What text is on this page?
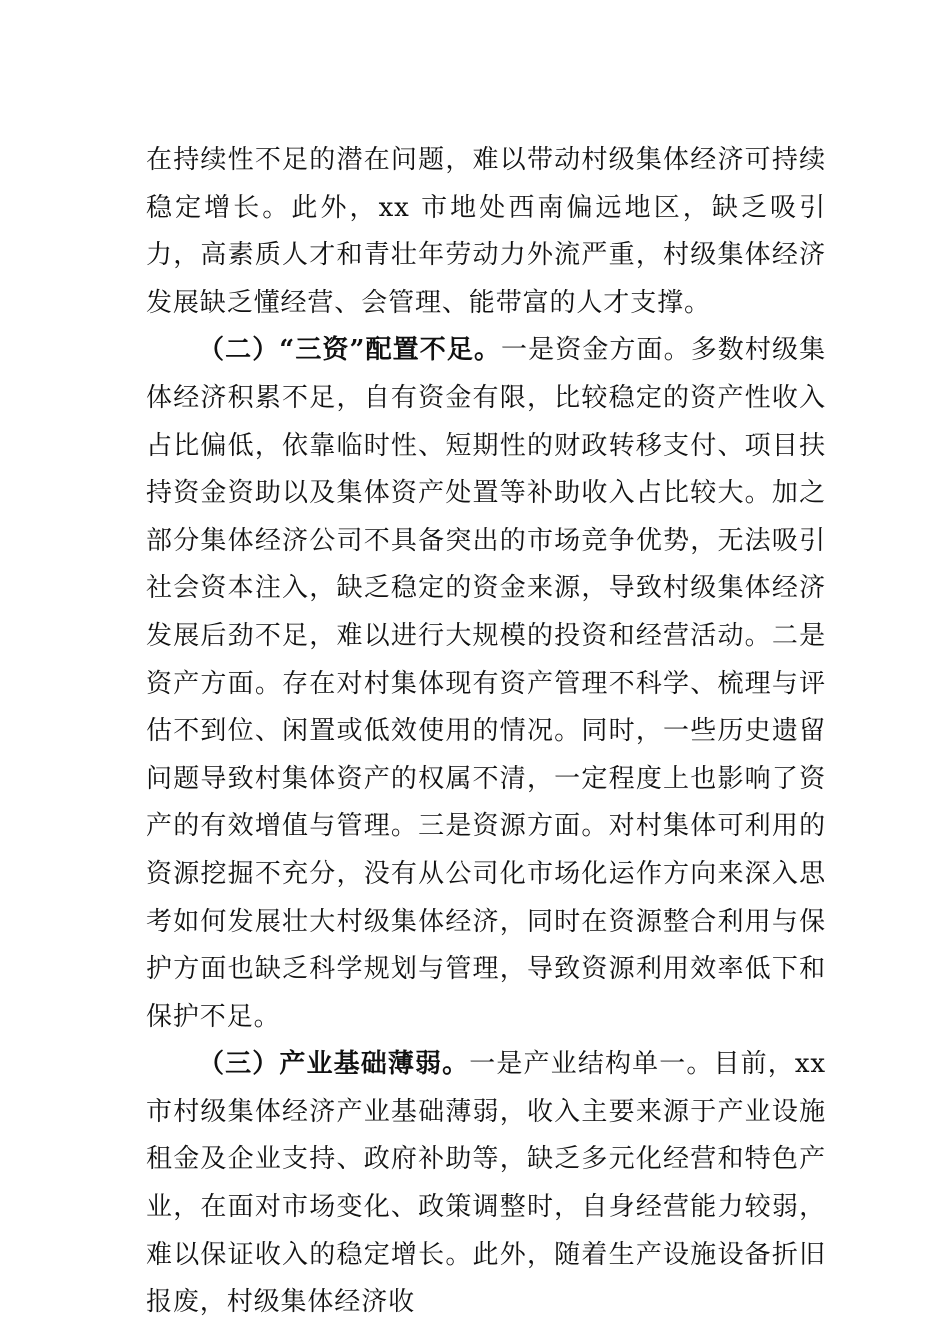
在持续性不足的潜在问题，难以带动村级集体经济可持续稳定增长。此外，xx 市地处西南偏远地区，缺乏吸引力，高素质人才和青壮年劳动力外流严重，村级集体经济发展缺乏懂经营、会管理、能带富的人才支撑。

（二）“三资”配置不足。一是资金方面。多数村级集体经济积累不足，自有资金有限，比较稳定的资产性收入占比偏低，依靠临时性、短期性的财政转移支付、项目扶持资金资助以及集体资产处置等补助收入占比较大。加之部分集体经济公司不具备突出的市场竞争优势，无法吸引社会资本注入，缺乏稳定的资金来源，导致村级集体经济发展后劲不足，难以进行大规模的投资和经营活动。二是资产方面。存在对村集体现有资产管理不科学、梳理与评估不到位、闲置或低效使用的情况。同时，一些历史遗留问题导致村集体资产的权属不清，一定程度上也影响了资产的有效增值与管理。三是资源方面。对村集体可利用的资源挖掘不充分，没有从公司化市场化运作方向来深入思考如何发展壮大村级集体经济，同时在资源整合利用与保护方面也缺乏科学规划与管理，导致资源利用效率低下和保护不足。

（三）产业基础薄弱。一是产业结构单一。目前，xx 市村级集体经济产业基础薄弱，收入主要来源于产业设施租金及企业支持、政府补助等，缺乏多元化经营和特色产业，在面对市场变化、政策调整时，自身经营能力较弱，难以保证收入的稳定增长。此外，随着生产设施设备折旧报废，村级集体经济收
